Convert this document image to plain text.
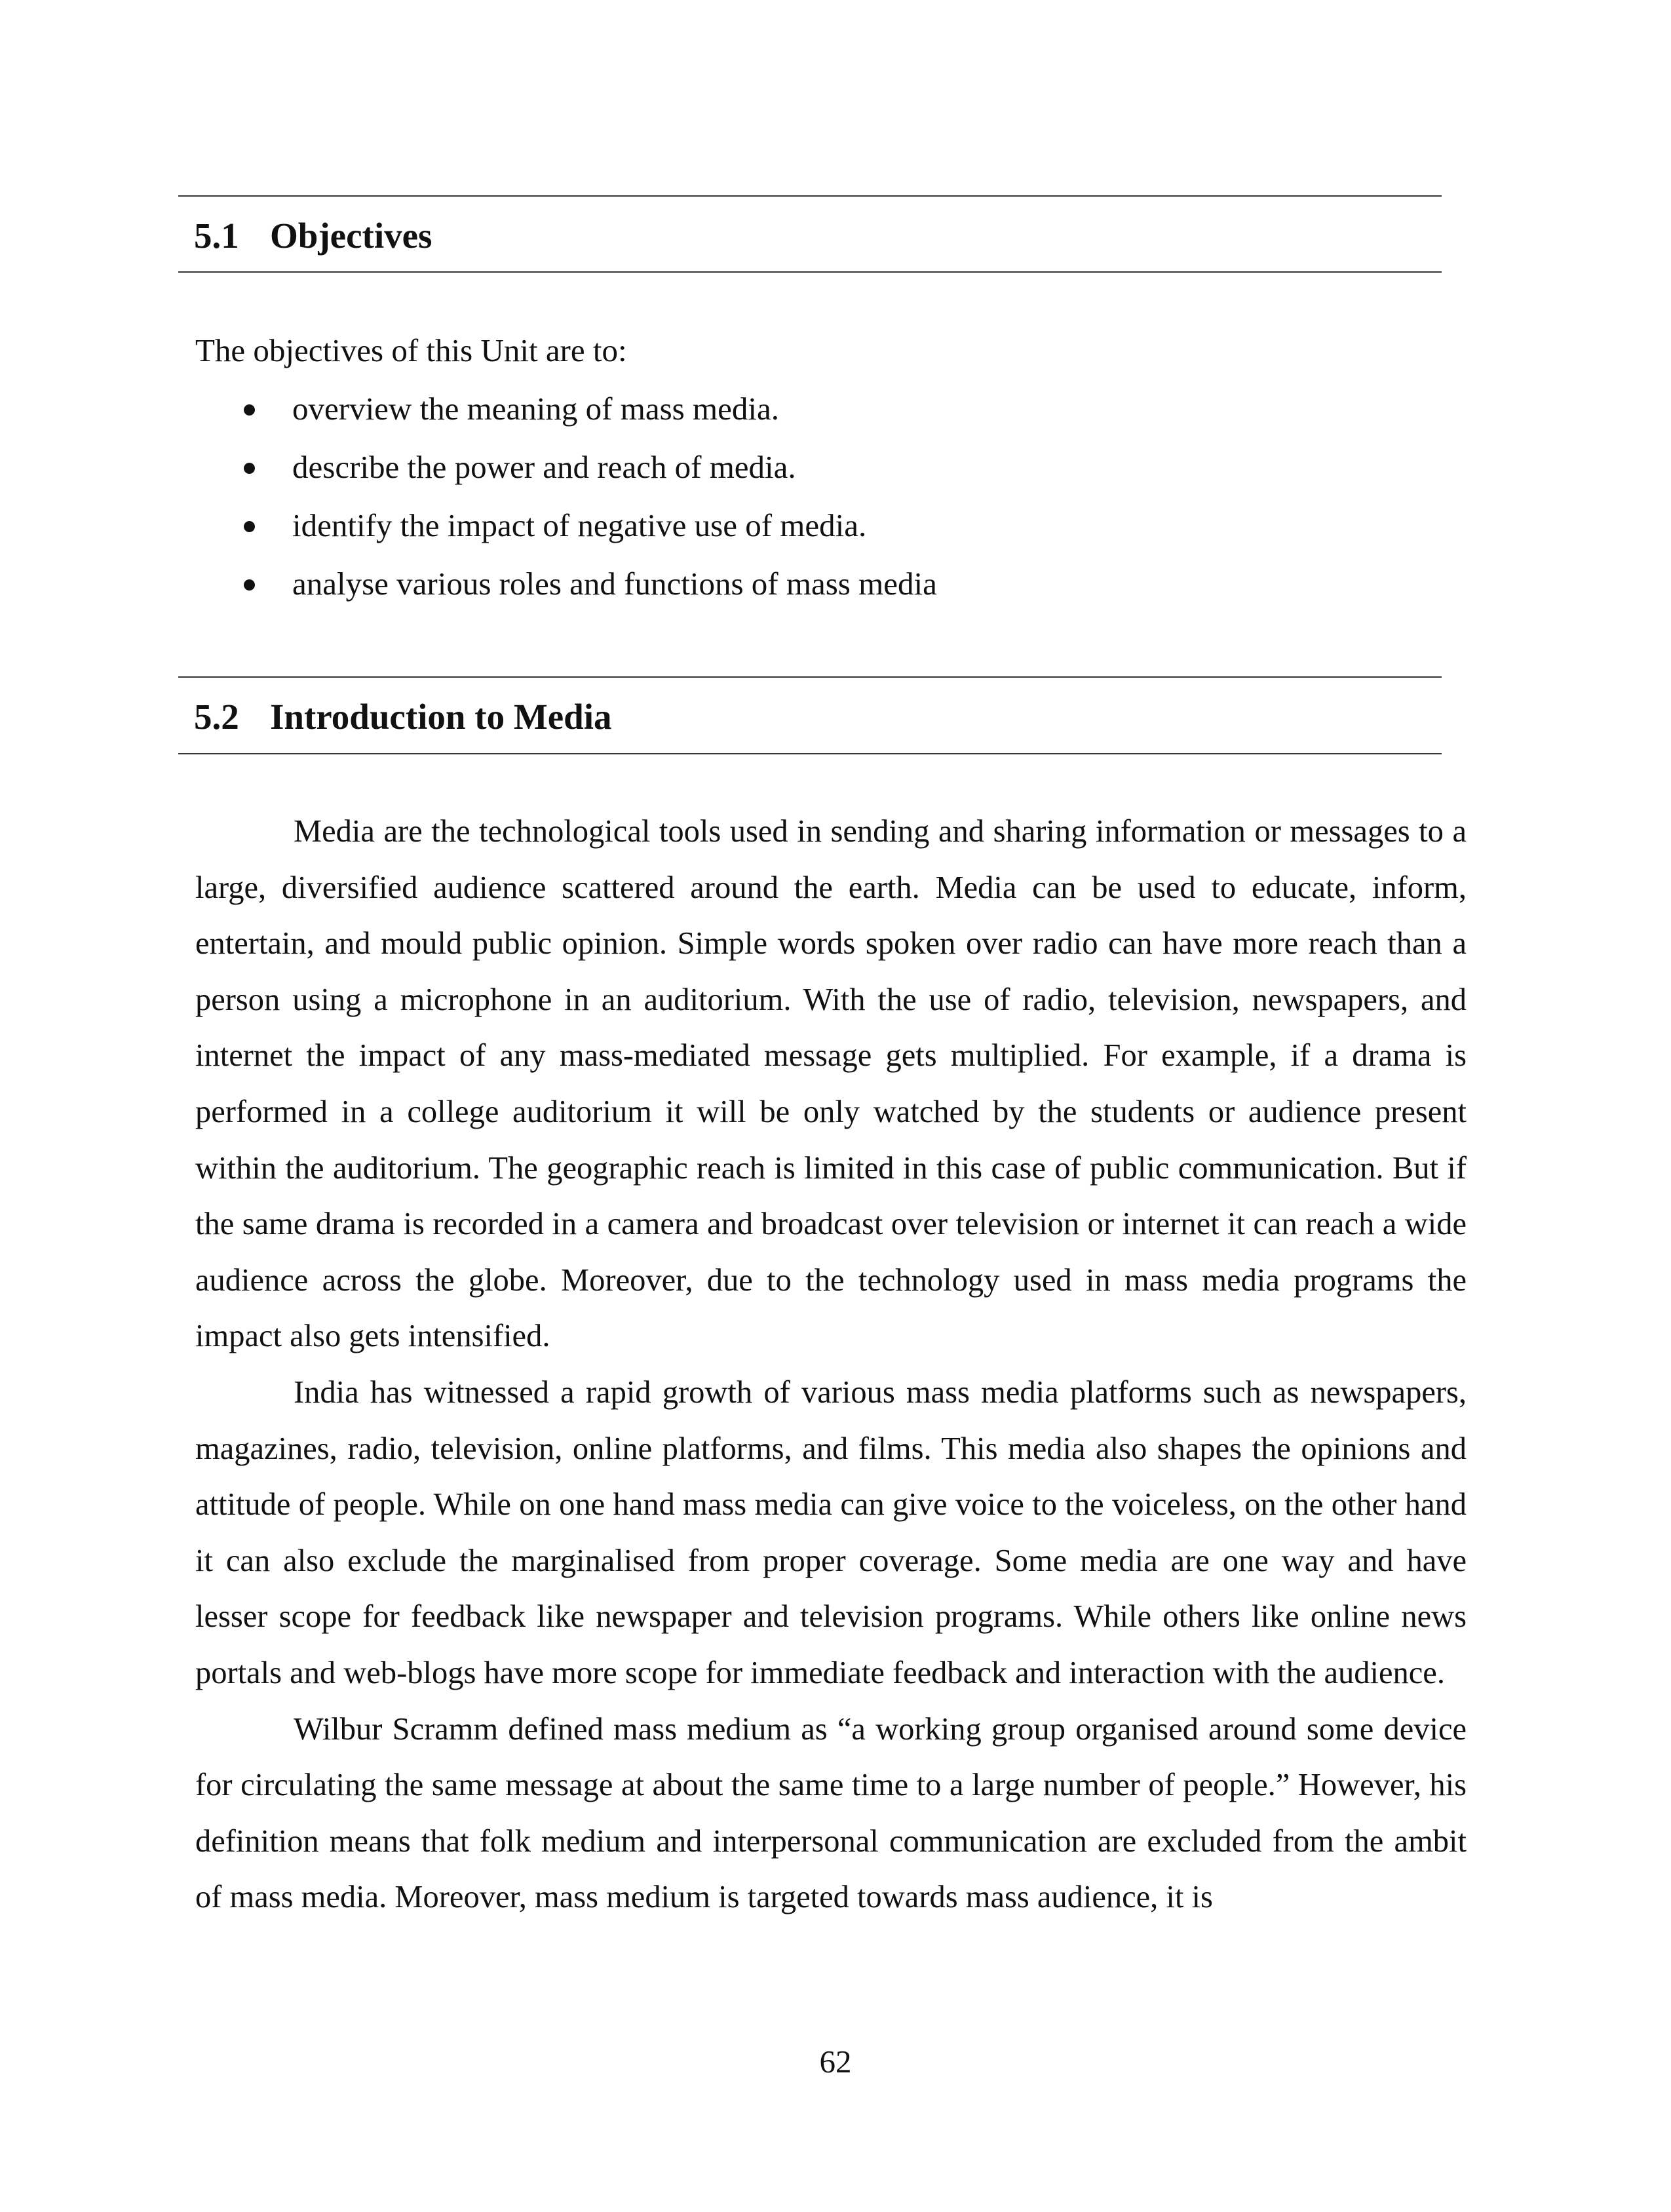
5.1 Objectives

The objectives of this Unit are to:

overview the meaning of mass media.
describe the power and reach of media.
identify the impact of negative use of media.
analyse various roles and functions of mass media
5.2 Introduction to Media

Media are the technological tools used in sending and sharing information or messages to a large, diversified audience scattered around the earth. Media can be used to educate, inform, entertain, and mould public opinion. Simple words spoken over radio can have more reach than a person using a microphone in an auditorium. With the use of radio, television, newspapers, and internet the impact of any mass-mediated message gets multiplied. For example, if a drama is performed in a college auditorium it will be only watched by the students or audience present within the auditorium. The geographic reach is limited in this case of public communication. But if the same drama is recorded in a camera and broadcast over television or internet it can reach a wide audience across the globe. Moreover, due to the technology used in mass media programs the impact also gets intensified.

India has witnessed a rapid growth of various mass media platforms such as newspapers, magazines, radio, television, online platforms, and films. This media also shapes the opinions and attitude of people. While on one hand mass media can give voice to the voiceless, on the other hand it can also exclude the marginalised from proper coverage. Some media are one way and have lesser scope for feedback like newspaper and television programs. While others like online news portals and web-blogs have more scope for immediate feedback and interaction with the audience.

Wilbur Scramm defined mass medium as “a working group organised around some device for circulating the same message at about the same time to a large number of people.” However, his definition means that folk medium and interpersonal communication are excluded from the ambit of mass media. Moreover, mass medium is targeted towards mass audience, it is

62
